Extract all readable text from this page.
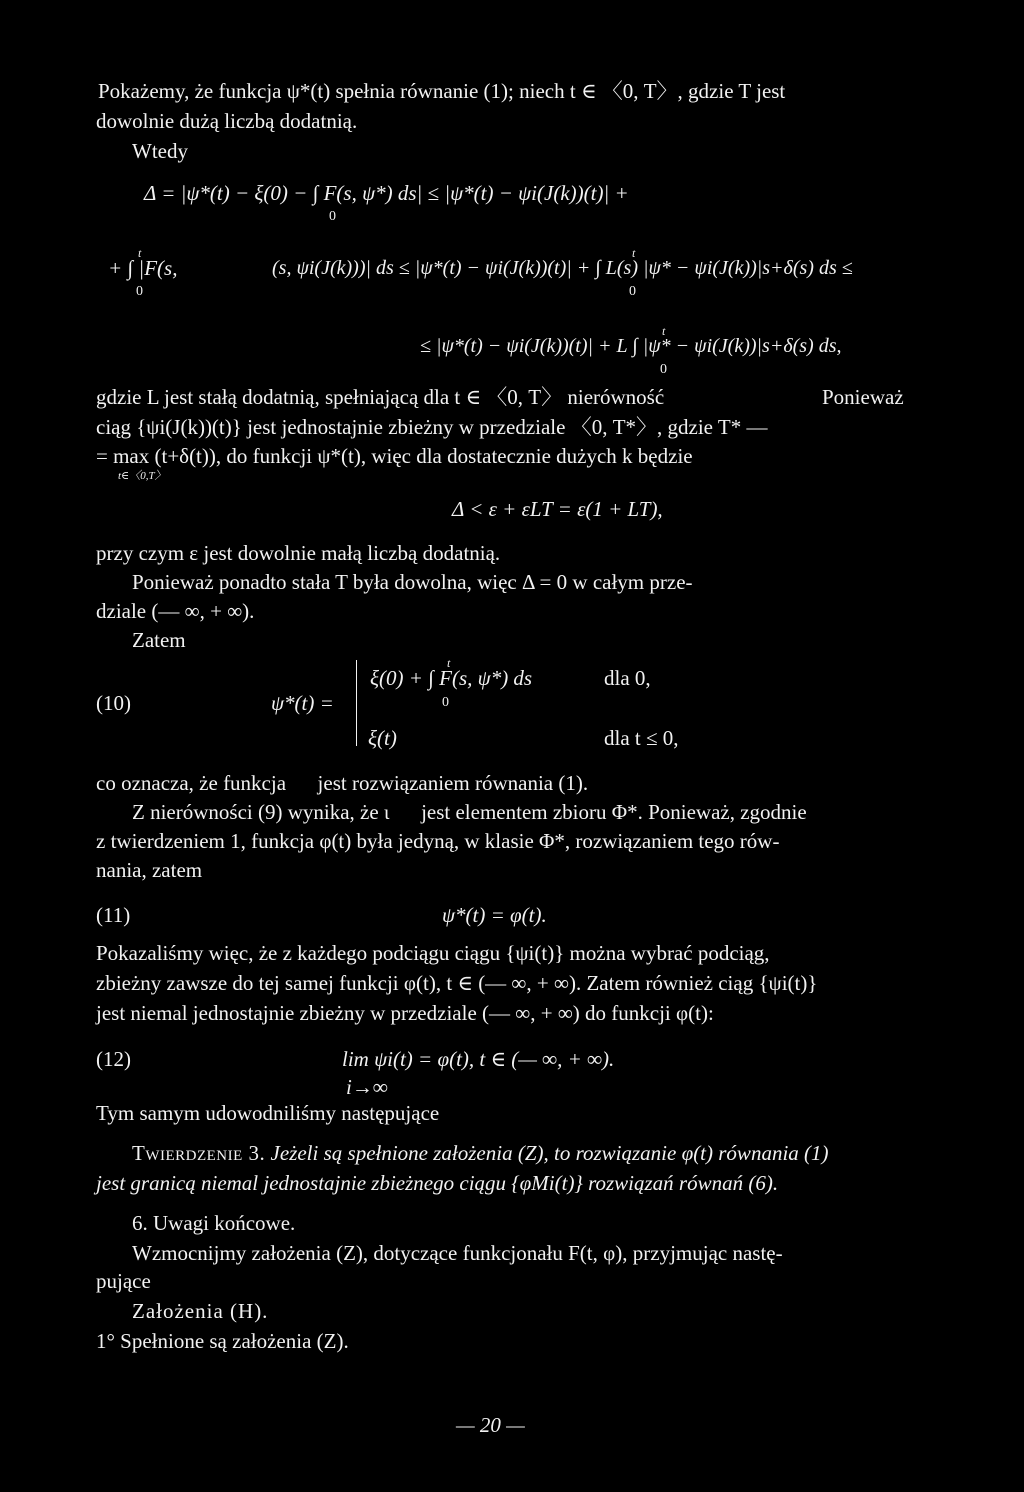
Pokażemy, że funkcja ψ*(t) spełnia równanie (1); niech t ∈ 〈0, T〉, gdzie T jest
dowolnie dużą liczbą dodatnią.
Wtedy
Δ = |ψ*(t) − ξ(0) − ∫ F(s, ψ*) ds| ≤ |ψ*(t) − ψi(J(k))(t)| +
0
t
+ ∫ |F(s,
0
(s, ψi(J(k)))| ds ≤ |ψ*(t) − ψi(J(k))(t)| + ∫ L(s) |ψ* − ψi(J(k))|s+δ(s) ds ≤
t
0
t
≤ |ψ*(t) − ψi(J(k))(t)| + L ∫ |ψ* − ψi(J(k))|s+δ(s) ds,
0
gdzie L jest stałą dodatnią, spełniającą dla t ∈ 〈0, T〉 nierówność	Ponieważ
ciąg {ψi(J(k))(t)} jest jednostajnie zbieżny w przedziale 〈0, T*〉, gdzie T* —
= max (t+δ(t)), do funkcji ψ*(t), więc dla dostatecznie dużych k będzie
t∈〈0,T〉
Δ < ε + εLT = ε(1 + LT),
przy czym ε jest dowolnie małą liczbą dodatnią.
Ponieważ ponadto stała T była dowolna, więc Δ = 0 w całym prze-
dziale (— ∞, + ∞).
Zatem
(10)	ψ*(t) =
t
ξ(0) + ∫ F(s, ψ*) ds
0
dla 0,
ξ(t)	dla t ≤ 0,
co oznacza, że funkcja      jest rozwiązaniem równania (1).
Z nierówności (9) wynika, że ι      jest elementem zbioru Φ*. Ponieważ, zgodnie
z twierdzeniem 1, funkcja φ(t) była jedyną, w klasie Φ*, rozwiązaniem tego rów-
nania, zatem
(11)	ψ*(t) = φ(t).
Pokazaliśmy więc, że z każdego podciągu ciągu {ψi(t)} można wybrać podciąg,
zbieżny zawsze do tej samej funkcji φ(t), t ∈ (— ∞, + ∞). Zatem również ciąg {ψi(t)}
jest niemal jednostajnie zbieżny w przedziale (— ∞, + ∞) do funkcji φ(t):
(12)	lim ψi(t) = φ(t), t ∈ (— ∞, + ∞).
i→∞
Tym samym udowodniliśmy następujące
Twierdzenie 3. Jeżeli są spełnione założenia (Z), to rozwiązanie φ(t) równania (1)
jest granicą niemal jednostajnie zbieżnego ciągu {φMi(t)} rozwiązań równań (6).
6. Uwagi końcowe.
Wzmocnijmy założenia (Z), dotyczące funkcjonału F(t, φ), przyjmując nastę-
pujące
Założenia (H).
1° Spełnione są założenia (Z).
— 20 —
